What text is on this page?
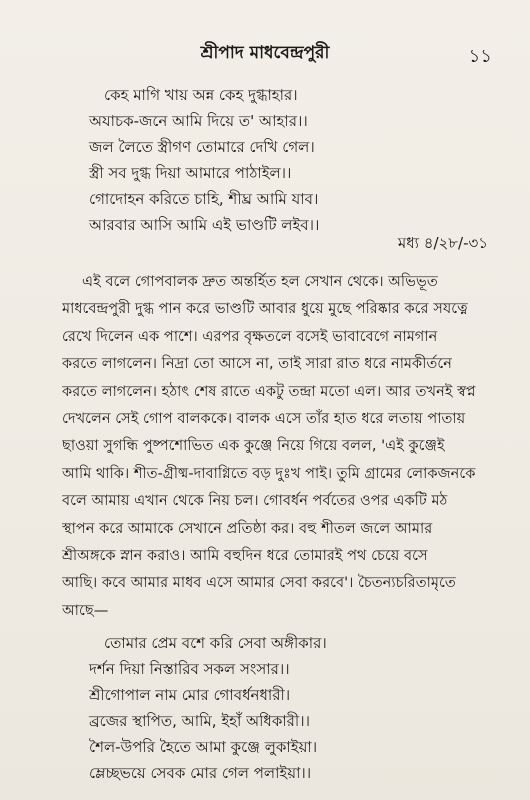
শ্রীপাদ মাধবেন্দ্রপুরী	১১
কেহ মাগি খায় অন্ন কেহ দুগ্ধাহার।
অযাচক-জনে আমি দিয়ে ত' আহার।।
জল লৈতে স্ত্রীগণ তোমারে দেখি গেল।
স্ত্রী সব দুগ্ধ দিয়া আমারে পাঠাইল।।
গোদোহন করিতে চাহি, শীঘ্র আমি যাব।
আরবার আসি আমি এই ভাণ্ডটি লইব।।
মধ্য ৪/২৮/-৩১
এই বলে গোপবালক দ্রুত অন্তর্হিত হল সেখান থেকে। অভিভূত
মাধবেন্দ্রপুরী দুগ্ধ পান করে ভাণ্ডটি আবার ধুয়ে মুছে পরিষ্কার করে সযত্নে
রেখে দিলেন এক পাশে। এরপর বৃক্ষতলে বসেই ভাবাবেগে নামগান
করতে লাগলেন। নিদ্রা তো আসে না, তাই সারা রাত ধরে নামকীর্তনে
করতে লাগলেন। হঠাৎ শেষ রাতে একটু তন্দ্রা মতো এল। আর তখনই স্বপ্ন
দেখলেন সেই গোপ বালককে। বালক এসে তাঁর হাত ধরে লতায় পাতায়
ছাওয়া সুগন্ধি পুষ্পশোভিত এক কুঞ্জে নিয়ে গিয়ে বলল, 'এই কুঞ্জেই
আমি থাকি। শীত-গ্রীষ্ম-দাবাগ্নিতে বড় দুঃখ পাই। তুমি গ্রামের লোকজনকে
বলে আমায় এখান থেকে নিয় চল। গোবর্ধন পর্বতের ওপর একটি মঠ
স্থাপন করে আমাকে সেখানে প্রতিষ্ঠা কর। বহু শীতল জলে আমার
শ্রীঅঙ্গকে স্নান করাও। আমি বহুদিন ধরে তোমারই পথ চেয়ে বসে
আছি। কবে আমার মাধব এসে আমার সেবা করবে'। চৈতন্যচরিতামৃতে
আছে—
তোমার প্রেম বশে করি সেবা অঙ্গীকার।
দর্শন দিয়া নিস্তারিব সকল সংসার।।
শ্রীগোপাল নাম মোর গোবর্ধনধারী।
ব্রজের স্থাপিত, আমি, ইহাঁ অধিকারী।।
শৈল-উপরি হৈতে আমা কুঞ্জে লুকাইয়া।
ম্লেচ্ছভয়ে সেবক মোর গেল পলাইয়া।।
